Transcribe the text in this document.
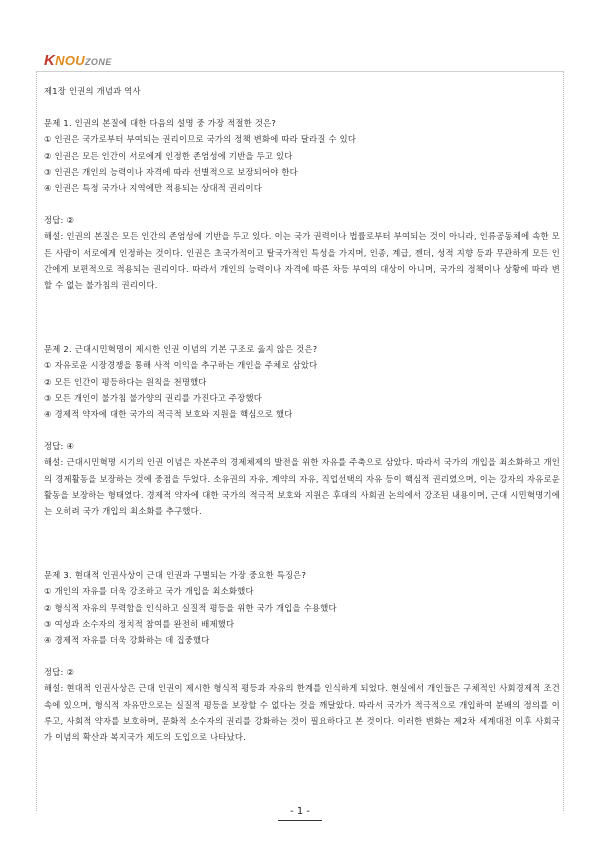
KNOUZONE

제1장 인권의 개념과 역사

문제 1. 인권의 본질에 대한 다음의 설명 중 가장 적절한 것은?

① 인권은 국가로부터 부여되는 권리이므로 국가의 정책 변화에 따라 달라질 수 있다

② 인권은 모든 인간이 서로에게 인정한 존엄성에 기반을 두고 있다

③ 인권은 개인의 능력이나 자격에 따라 선별적으로 보장되어야 한다

④ 인권은 특정 국가나 지역에만 적용되는 상대적 권리이다

정답: ②

해설: 인권의 본질은 모든 인간의 존엄성에 기반을 두고 있다. 이는 국가 권력이나 법률로부터 부여되는 것이 아니라, 인류공동체에 속한 모든 사람이 서로에게 인정하는 것이다. 인권은 초국가적이고 탈국가적인 특성을 가지며, 인종, 계급, 젠더, 성적 지향 등과 무관하게 모든 인간에게 보편적으로 적용되는 권리이다. 따라서 개인의 능력이나 자격에 따른 차등 부여의 대상이 아니며, 국가의 정책이나 상황에 따라 변할 수 없는 불가침의 권리이다.

문제 2. 근대시민혁명이 제시한 인권 이념의 기본 구조로 옳지 않은 것은?

① 자유로운 시장경쟁을 통해 사적 이익을 추구하는 개인을 주체로 삼았다

② 모든 인간이 평등하다는 원칙을 천명했다

③ 모든 개인이 불가침 불가양의 권리를 가진다고 주장했다

④ 경제적 약자에 대한 국가의 적극적 보호와 지원을 핵심으로 했다

정답: ④

해설: 근대시민혁명 시기의 인권 이념은 자본주의 경제체제의 발전을 위한 자유를 주축으로 삼았다. 따라서 국가의 개입을 최소화하고 개인의 경제활동을 보장하는 것에 중점을 두었다. 소유권의 자유, 계약의 자유, 직업선택의 자유 등이 핵심적 권리였으며, 이는 강자의 자유로운 활동을 보장하는 형태였다. 경제적 약자에 대한 국가의 적극적 보호와 지원은 후대의 사회권 논의에서 강조된 내용이며, 근대 시민혁명기에는 오히려 국가 개입의 최소화를 추구했다.

문제 3. 현대적 인권사상이 근대 인권과 구별되는 가장 중요한 특징은?

① 개인의 자유를 더욱 강조하고 국가 개입을 최소화했다

② 형식적 자유의 무력함을 인식하고 실질적 평등을 위한 국가 개입을 수용했다

③ 여성과 소수자의 정치적 참여를 완전히 배제했다

④ 경제적 자유를 더욱 강화하는 데 집중했다

정답: ②

해설: 현대적 인권사상은 근대 인권이 제시한 형식적 평등과 자유의 한계를 인식하게 되었다. 현실에서 개인들은 구체적인 사회경제적 조건 속에 있으며, 형식적 자유만으로는 실질적 평등을 보장할 수 없다는 것을 깨달았다. 따라서 국가가 적극적으로 개입하여 분배의 정의를 이루고, 사회적 약자를 보호하며, 문화적 소수자의 권리를 강화하는 것이 필요하다고 본 것이다. 이러한 변화는 제2차 세계대전 이후 사회국가 이념의 확산과 복지국가 제도의 도입으로 나타났다.

- 1 -
